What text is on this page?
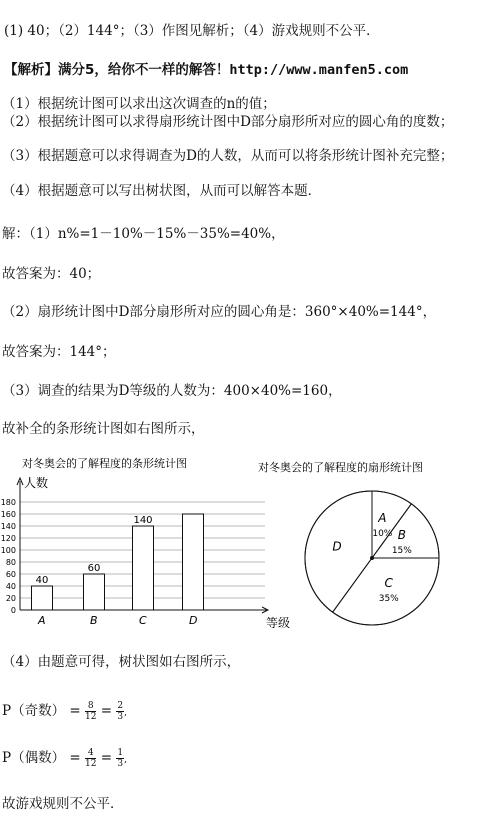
(1) 40；（2）144°；（3）作图见解析；（4）游戏规则不公平．
【解析】满分5，给你不一样的解答！http://www.manfen5.com
（1）根据统计图可以求出这次调查的n的值；
（2）根据统计图可以求得扇形统计图中D部分扇形所对应的圆心角的度数；
（3）根据题意可以求得调查为D的人数，从而可以将条形统计图补充完整；
（4）根据题意可以写出树状图，从而可以解答本题．
解：（1）n%=1－10%－15%－35%=40%，
故答案为：40；
（2）扇形统计图中D部分扇形所对应的圆心角是：360°×40%=144°，
故答案为：144°；
（3）调查的结果为D等级的人数为：400×40%=160，
故补全的条形统计图如右图所示，
对冬奥会的了解程度的条形统计图
人数
等级
0
20
40
60
80
100
120
140
160
180
40
A
60
B
140
C	D
对冬奥会的了解程度的扇形统计图
A
10% B
15%
C
35%
D
（4）由题意可得，树状图如右图所示，
P（奇数） = $\frac{8}{12} = \frac{2}{3}$ ,
P（偶数） = $\frac{4}{12} = \frac{1}{3}$ ,
故游戏规则不公平．
